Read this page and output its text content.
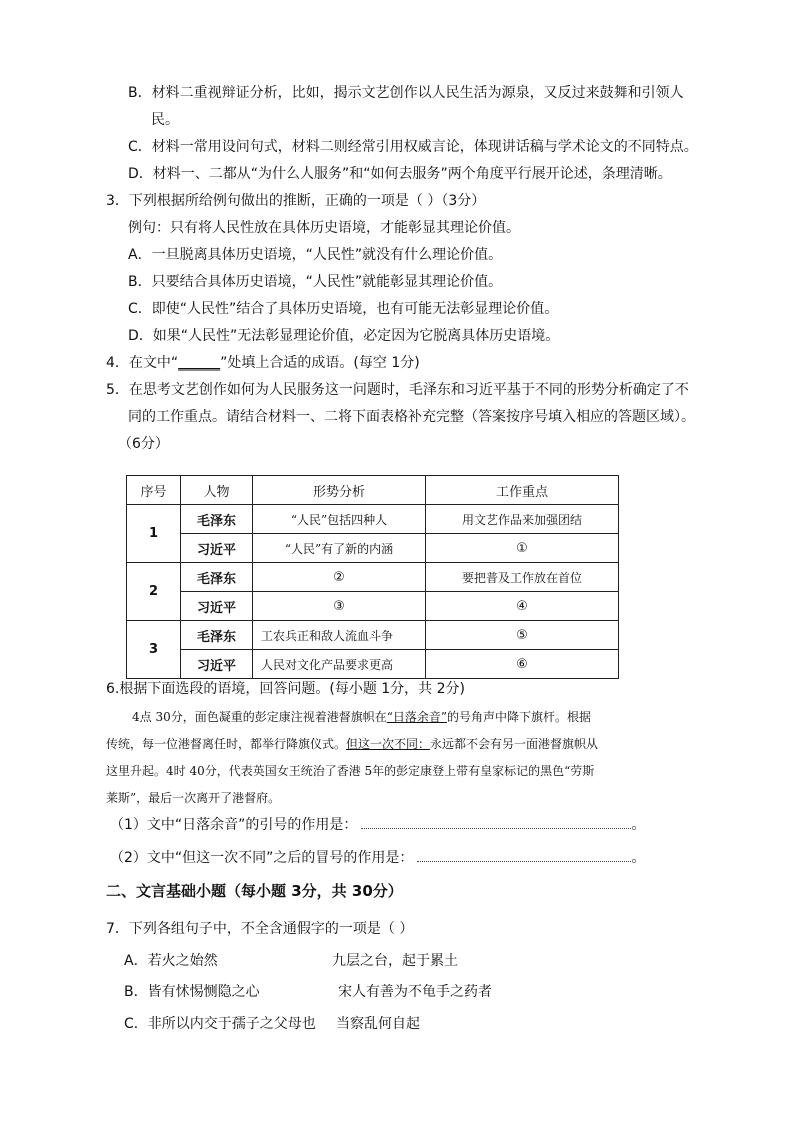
B．材料二重视辩证分析，比如，揭示文艺创作以人民生活为源泉，又反过来鼓舞和引领人
民。
C．材料一常用设问句式，材料二则经常引用权威言论，体现讲话稿与学术论文的不同特点。
D．材料一、二都从“为什么人服务”和“如何去服务”两个角度平行展开论述，条理清晰。
3．下列根据所给例句做出的推断，正确的一项是（ ）（3分）
例句：只有将人民性放在具体历史语境，才能彰显其理论价值。
A．一旦脱离具体历史语境，“人民性”就没有什么理论价值。
B．只要结合具体历史语境，“人民性”就能彰显其理论价值。
C．即使“人民性”结合了具体历史语境，也有可能无法彰显理论价值。
D．如果“人民性”无法彰显理论价值，必定因为它脱离具体历史语境。
4．在文中“______”处填上合适的成语。(每空 1分)
5．在思考文艺创作如何为人民服务这一问题时，毛泽东和习近平基于不同的形势分析确定了不
同的工作重点。请结合材料一、二将下面表格补充完整（答案按序号填入相应的答题区域）。
（6分）
序号	人物	形势分析	工作重点
1	毛泽东	“人民”包括四种人	用文艺作品来加强团结
	习近平	“人民”有了新的内涵	①
2	毛泽东	②	要把普及工作放在首位
	习近平	③	④
3	毛泽东	工农兵正和敌人流血斗争	⑤
	习近平	人民对文化产品要求更高	⑥
6.根据下面选段的语境，回答问题。(每小题 1分，共 2分)
4点 30分，面色凝重的彭定康注视着港督旗帜在“日落余音”的号角声中降下旗杆。根据
传统，每一位港督离任时，都举行降旗仪式。但这一次不同：永远都不会有另一面港督旗帜从
这里升起。4时 40分，代表英国女王统治了香港 5年的彭定康登上带有皇家标记的黑色“劳斯
莱斯”，最后一次离开了港督府。
（1）文中“日落余音”的引号的作用是：	。
（2）文中“但这一次不同”之后的冒号的作用是：	。
二、文言基础小题（每小题 3分，共 30分）
7．下列各组句子中，不全含通假字的一项是（ ）
A．若火之始然	九层之台，起于累土
B．皆有怵惕恻隐之心	宋人有善为不龟手之药者
C．非所以内交于孺子之父母也 当察乱何自起
